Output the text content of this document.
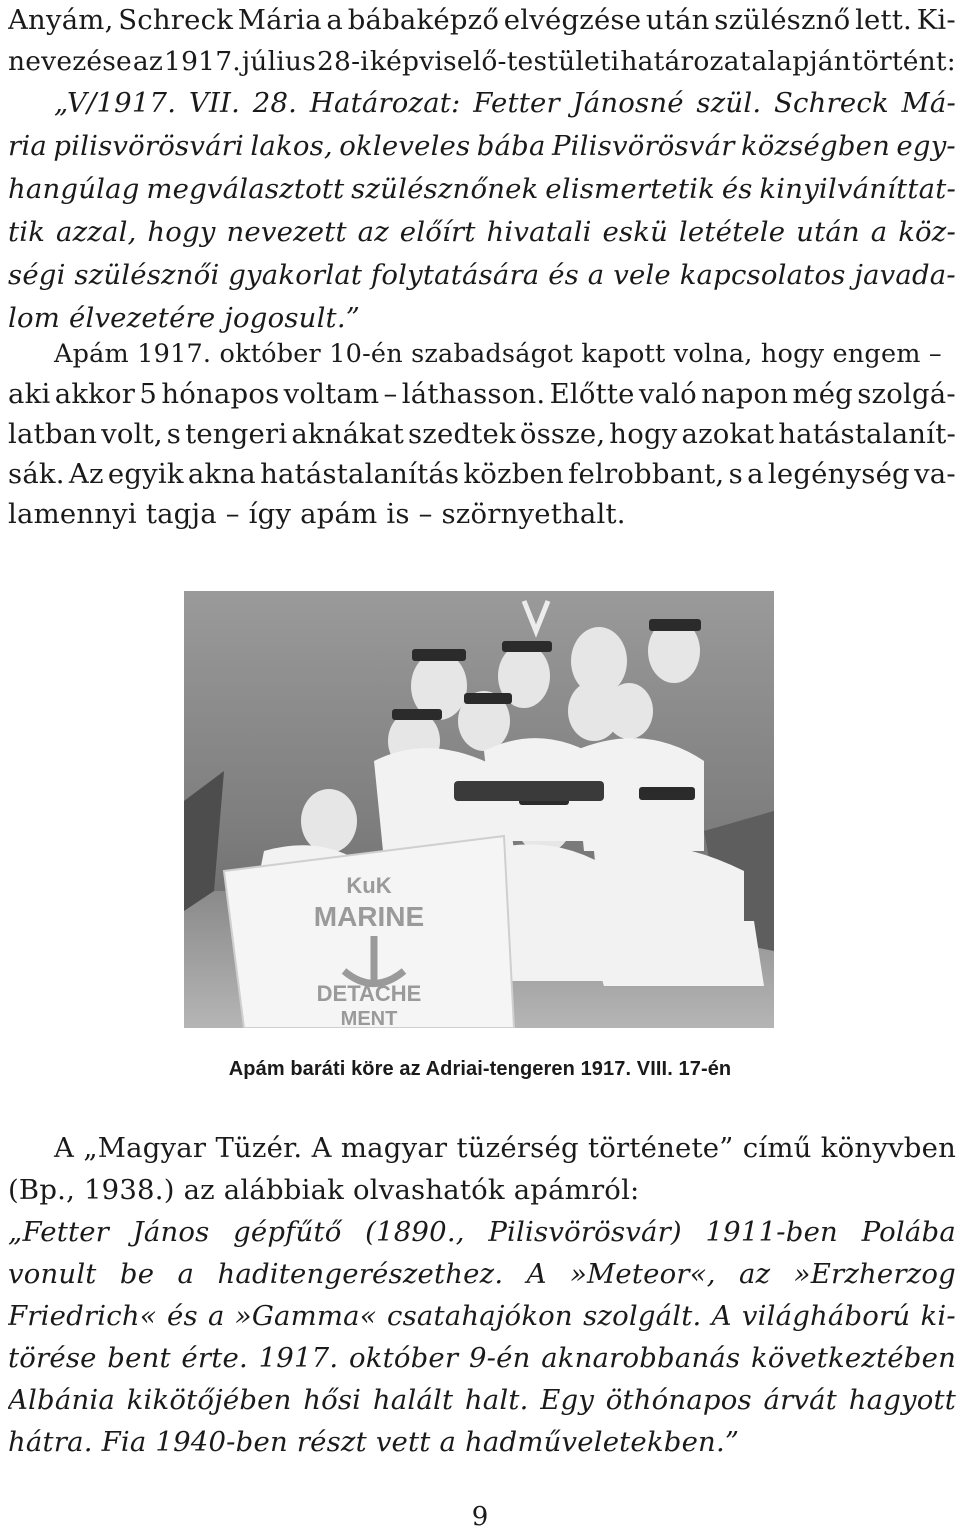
Anyám, Schreck Mária a bábaképző elvégzése után szülésznő lett. Ki-
nevezése az 1917. július 28-i képviselő-testületi határozat alapján történt:
„V/1917. VII. 28. Határozat: Fetter Jánosné szül. Schreck Má-
ria pilisvörösvári lakos, okleveles bába Pilisvörösvár községben egy-
hangúlag megválasztott szülésznőnek elismertetik és kinyilváníttat-
tik azzal, hogy nevezett az előírt hivatali eskü letétele után a köz-
ségi szülésznői gyakorlat folytatására és a vele kapcsolatos javada-
lom élvezetére jogosult.”
Apám 1917. október 10-én szabadságot kapott volna, hogy engem –
aki akkor 5 hónapos voltam – láthasson. Előtte való napon még szolgá-
latban volt, s tengeri aknákat szedtek össze, hogy azokat hatástalanít-
sák. Az egyik akna hatástalanítás közben felrobbant, s a legénység va-
lamennyi tagja – így apám is – szörnyethalt.
KuK
MARINE
DETACHE
MENT
Apám baráti köre az Adriai-tengeren 1917. VIII. 17-én
A „Magyar Tüzér. A magyar tüzérség története” című könyvben
(Bp., 1938.) az alábbiak olvashatók apámról:
„Fetter János gépfűtő (1890., Pilisvörösvár) 1911-ben Polába
vonult be a haditengerészethez. A »Meteor«, az »Erzherzog
Friedrich« és a »Gamma« csatahajókon szolgált. A világháború ki-
törése bent érte. 1917. október 9-én aknarobbanás következtében
Albánia kikötőjében hősi halált halt. Egy öthónapos árvát hagyott
hátra. Fia 1940-ben részt vett a hadműveletekben.”
9
